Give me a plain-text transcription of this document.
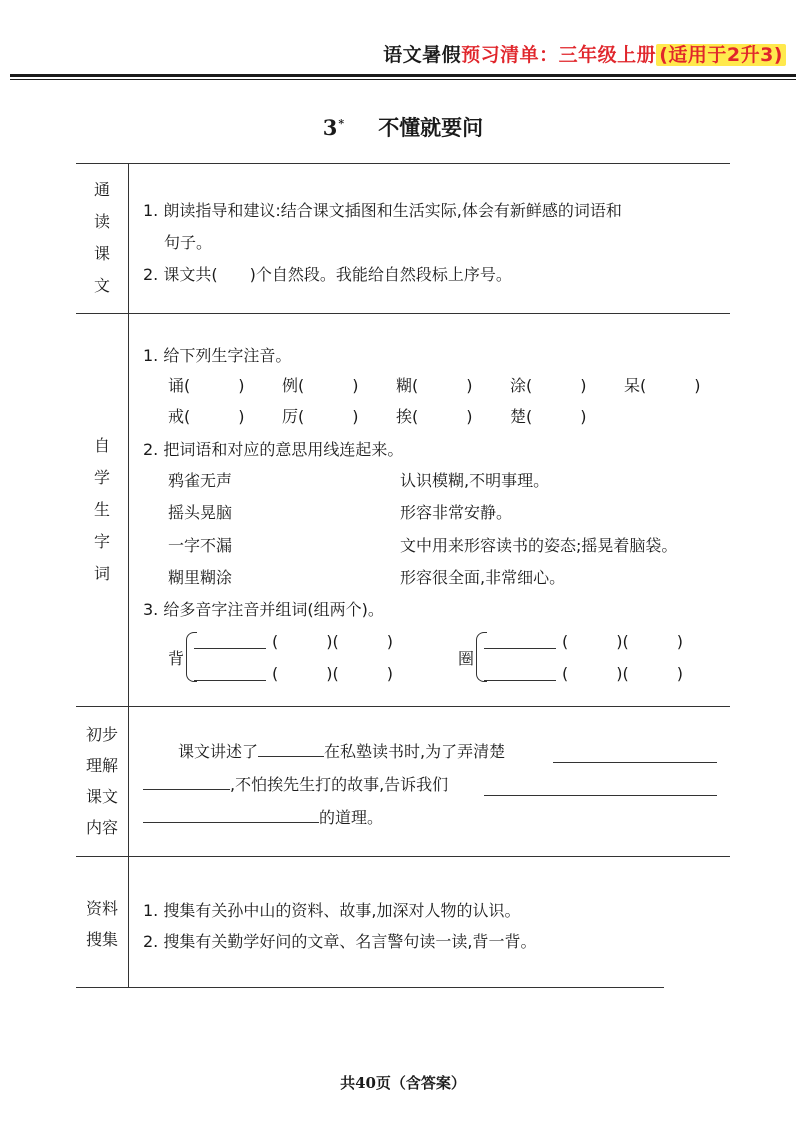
语文暑假预习清单：三年级上册 (适用于2升3)
3* 不懂就要问
通
读
课
文
1. 朗读指导和建议:结合课文插图和生活实际,体会有新鲜感的词语和
句子。
2. 课文共(　　)个自然段。我能给自然段标上序号。
自
学
生
字
词
1. 给下列生字注音。
诵(　　　) 例(　　　) 糊(　　　) 涂(　　　) 呆(　　　)
戒(　　　) 厉(　　　) 挨(　　　) 楚(　　　)
2. 把词语和对应的意思用线连起来。
鸦雀无声
摇头晃脑
一字不漏
糊里糊涂
认识模糊,不明事理。
形容非常安静。
文中用来形容读书的姿态;摇晃着脑袋。
形容很全面,非常细心。
3. 给多音字注音并组词(组两个)。
背
(　　　)(　　　)
(　　　)(　　　)
圈
(　　　)(　　　)
(　　　)(　　　)
初步
理解
课文
内容
课文讲述了	在私塾读书时,为了弄清楚
,不怕挨先生打的故事,告诉我们
的道理。
资料
搜集
1. 搜集有关孙中山的资料、故事,加深对人物的认识。
2. 搜集有关勤学好问的文章、名言警句读一读,背一背。
共40页（含答案）
